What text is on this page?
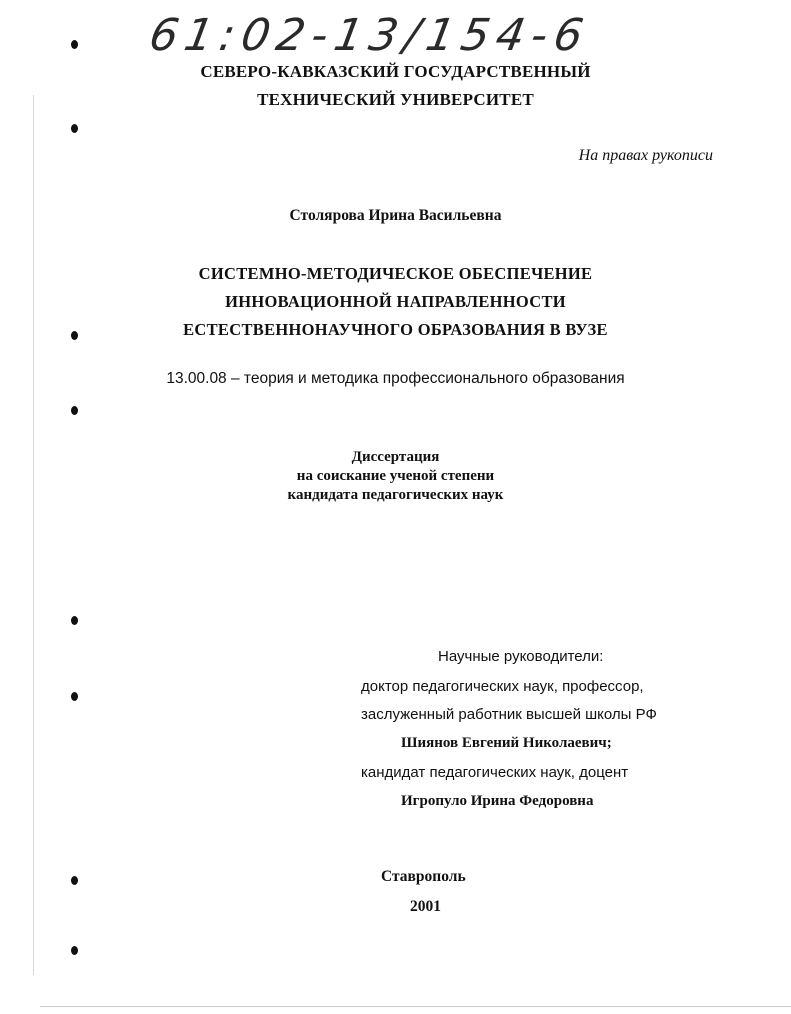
61:02-13/154-6
СЕВЕРО-КАВКАЗСКИЙ ГОСУДАРСТВЕННЫЙ
ТЕХНИЧЕСКИЙ УНИВЕРСИТЕТ
На правах рукописи
Столярова Ирина Васильевна
СИСТЕМНО-МЕТОДИЧЕСКОЕ ОБЕСПЕЧЕНИЕ
ИННОВАЦИОННОЙ НАПРАВЛЕННОСТИ
ЕСТЕСТВЕННОНАУЧНОГО ОБРАЗОВАНИЯ В ВУЗЕ
13.00.08 – теория и методика профессионального образования
Диссертация
на соискание ученой степени
кандидата педагогических наук
Научные руководители:
доктор педагогических наук, профессор,
заслуженный работник высшей школы РФ
Шиянов Евгений Николаевич;
кандидат педагогических наук, доцент
Игропуло Ирина Федоровна
Ставрополь
2001
